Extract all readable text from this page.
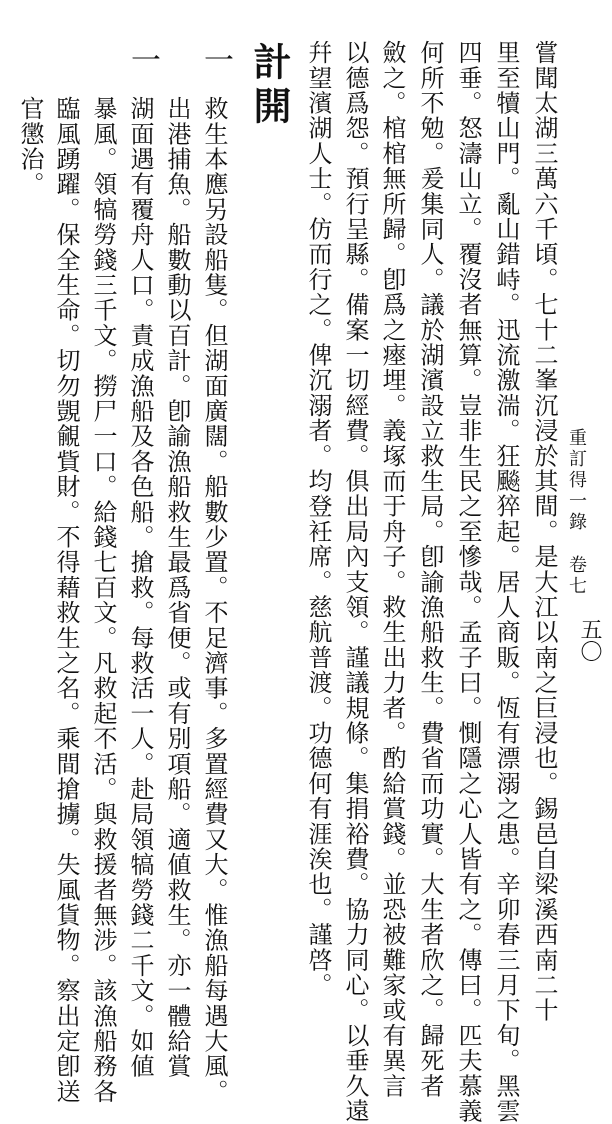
重訂得一錄卷七
五〇
嘗聞太湖三萬六千頃。七十二峯沉浸於其間。是大江以南之巨浸也。錫邑自梁溪西南二十
里至犢山門。亂山錯峙。迅流激湍。狂飈猝起。居人商販。恆有漂溺之患。辛卯春三月下旬。黑雲
四垂。怒濤山立。覆沒者無算。豈非生民之至慘哉。孟子曰。惻隱之心人皆有之。傳曰。匹夫慕義
何所不勉。爰集同人。議於湖濱設立救生局。卽諭漁船救生。費省而功實。大生者欣之。歸死者
斂之。棺棺無所歸。卽爲之瘞埋。義塚而于舟子。救生出力者。酌給賞錢。並恐被難家或有異言
以德爲怨。預行呈縣。備案一切經費。俱出局內支領。謹議規條。集捐裕費。協力同心。以垂久遠
幷望濱湖人士。仿而行之。俾沉溺者。均登衽席。慈航普渡。功德何有涯涘也。謹啓。
計開
一
救生本應另設船隻。但湖面廣闊。船數少置。不足濟事。多置經費又大。惟漁船每遇大風。
出港捕魚。船數動以百計。卽諭漁船救生最爲省便。或有別項船。適値救生。亦一體給賞
湖面遇有覆舟人口。責成漁船及各色船。搶救。每救活一人。赴局領犒勞錢二千文。如値
暴風。領犒勞錢三千文。撈尸一口。給錢七百文。凡救起不活。與救援者無涉。該漁船務各
一
臨風踴躍。保全生命。切勿覬覦貲財。不得藉救生之名。乘間搶擄。失風貨物。察出定卽送
官懲治。
